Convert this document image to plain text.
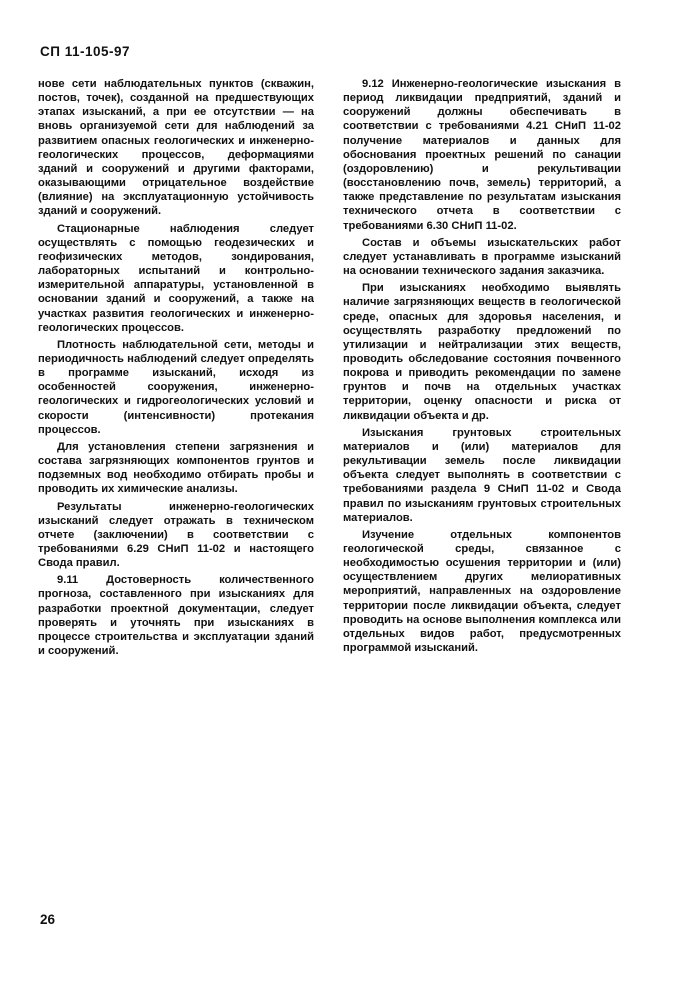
СП 11-105-97

нове сети наблюдательных пунктов (скважин, постов, точек), созданной на предшествующих этапах изысканий, а при ее отсутствии — на вновь организуемой сети для наблюдений за развитием опасных геологических и инженерно-геологических процессов, деформациями зданий и сооружений и другими факторами, оказывающими отрицательное воздействие (влияние) на эксплуатационную устойчивость зданий и сооружений.

Стационарные наблюдения следует осуществлять с помощью геодезических и геофизических методов, зондирования, лабораторных испытаний и контрольно-измерительной аппаратуры, установленной в основании зданий и сооружений, а также на участках развития геологических и инженерно-геологических процессов.

Плотность наблюдательной сети, методы и периодичность наблюдений следует определять в программе изысканий, исходя из особенностей сооружения, инженерно-геологических и гидрогеологических условий и скорости (интенсивности) протекания процессов.

Для установления степени загрязнения и состава загрязняющих компонентов грунтов и подземных вод необходимо отбирать пробы и проводить их химические анализы.

Результаты инженерно-геологических изысканий следует отражать в техническом отчете (заключении) в соответствии с требованиями 6.29 СНиП 11-02 и настоящего Свода правил.

9.11 Достоверность количественного прогноза, составленного при изысканиях для разработки проектной документации, следует проверять и уточнять при изысканиях в процессе строительства и эксплуатации зданий и сооружений.

9.12 Инженерно-геологические изыскания в период ликвидации предприятий, зданий и сооружений должны обеспечивать в соответствии с требованиями 4.21 СНиП 11-02 получение материалов и данных для обоснования проектных решений по санации (оздоровлению) и рекультивации (восстановлению почв, земель) территорий, а также представление по результатам изыскания технического отчета в соответствии с требованиями 6.30 СНиП 11-02.

Состав и объемы изыскательских работ следует устанавливать в программе изысканий на основании технического задания заказчика.

При изысканиях необходимо выявлять наличие загрязняющих веществ в геологической среде, опасных для здоровья населения, и осуществлять разработку предложений по утилизации и нейтрализации этих веществ, проводить обследование состояния почвенного покрова и приводить рекомендации по замене грунтов и почв на отдельных участках территории, оценку опасности и риска от ликвидации объекта и др.

Изыскания грунтовых строительных материалов и (или) материалов для рекультивации земель после ликвидации объекта следует выполнять в соответствии с требованиями раздела 9 СНиП 11-02 и Свода правил по изысканиям грунтовых строительных материалов.

Изучение отдельных компонентов геологической среды, связанное с необходимостью осушения территории и (или) осуществлением других мелиоративных мероприятий, направленных на оздоровление территории после ликвидации объекта, следует проводить на основе выполнения комплекса или отдельных видов работ, предусмотренных программой изысканий.

26
